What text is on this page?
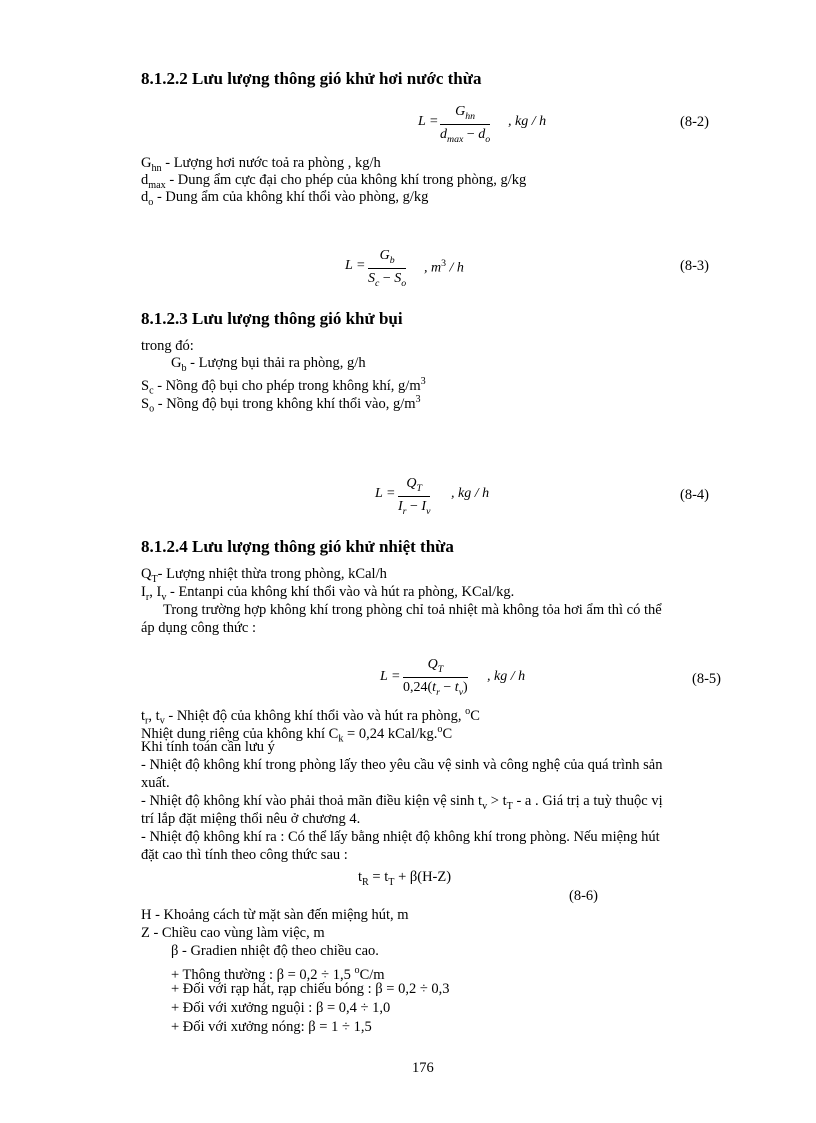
8.1.2.2 Lưu lượng thông gió khử hơi nước thừa
L =
$G_{hn}$
$d_{max} - d_o$
, kg / h	(8-2)
$G_{hn}$ - Lượng hơi nước toả ra phòng , kg/h
$d_{max}$ - Dung ẩm cực đại cho phép của không khí trong phòng, g/kg
$d_o$ - Dung ẩm của không khí thổi vào phòng, g/kg
$L = \frac{G_b}{S_c - S_o}$ , $m^3$ / h	(8-3)
8.1.2.3 Lưu lượng thông gió khử bụi
trong đó:
$G_b$ - Lượng bụi thải ra phòng, g/h
$S_c$ - Nồng độ bụi cho phép trong không khí, $g/m^3$
$S_o$ - Nồng độ bụi trong không khí thổi vào, $g/m^3$
$L = \frac{Q_T}{I_r - I_v}$ , kg / h	(8-4)
8.1.2.4 Lưu lượng thông gió khử nhiệt thừa
$Q_T-$ Lượng nhiệt thừa trong phòng, kCal/h
$I_r$, $I_v$ - Entanpi của không khí thổi vào và hút ra phòng, KCal/kg.
Trong trường hợp không khí trong phòng chỉ toả nhiệt mà không tỏa hơi ẩm thì có thể
áp dụng công thức :
$L = \frac{Q_T}{0,24(t_r - t_v)}$ , kg / h	(8-5)
$t_r$, $t_v$ - Nhiệt độ của không khí thổi vào và hút ra phòng, $^o$C
Nhiệt dung riêng của không khí $C_k = 0,24$ kCal/kg.$^o$C
Khi tính toán cần lưu ý
- Nhiệt độ không khí trong phòng lấy theo yêu cầu vệ sinh và công nghệ của quá trình sản
xuất.
- Nhiệt độ không khí vào phải thoả mãn điều kiện vệ $\sinh t_v > t_T - a$ . Giá trị a tuỳ thuộc vị
trí lắp đặt miệng thổi nêu ở chương 4.
- Nhiệt độ không khí ra : Có thể lấy bằng nhiệt độ không khí trong phòng. Nếu miệng hút
đặt cao thì tính theo công thức sau :
$t_R = t_T + \beta(H-Z)$
(8-6)
H - Khoảng cách từ mặt sàn đến miệng hút, m
Z - Chiều cao vùng làm việc, m
β - Gradien nhiệt độ theo chiều cao.
+ Thông thường : β = 0,2 ÷ 1,5 $^o$C/m
+ Đối với rạp hát, rạp chiếu bóng : β = 0,2 ÷ 0,3
+ Đối với xưởng nguội : β = 0,4 ÷ 1,0
+ Đối với xưởng nóng: β = 1 ÷ 1,5
176
